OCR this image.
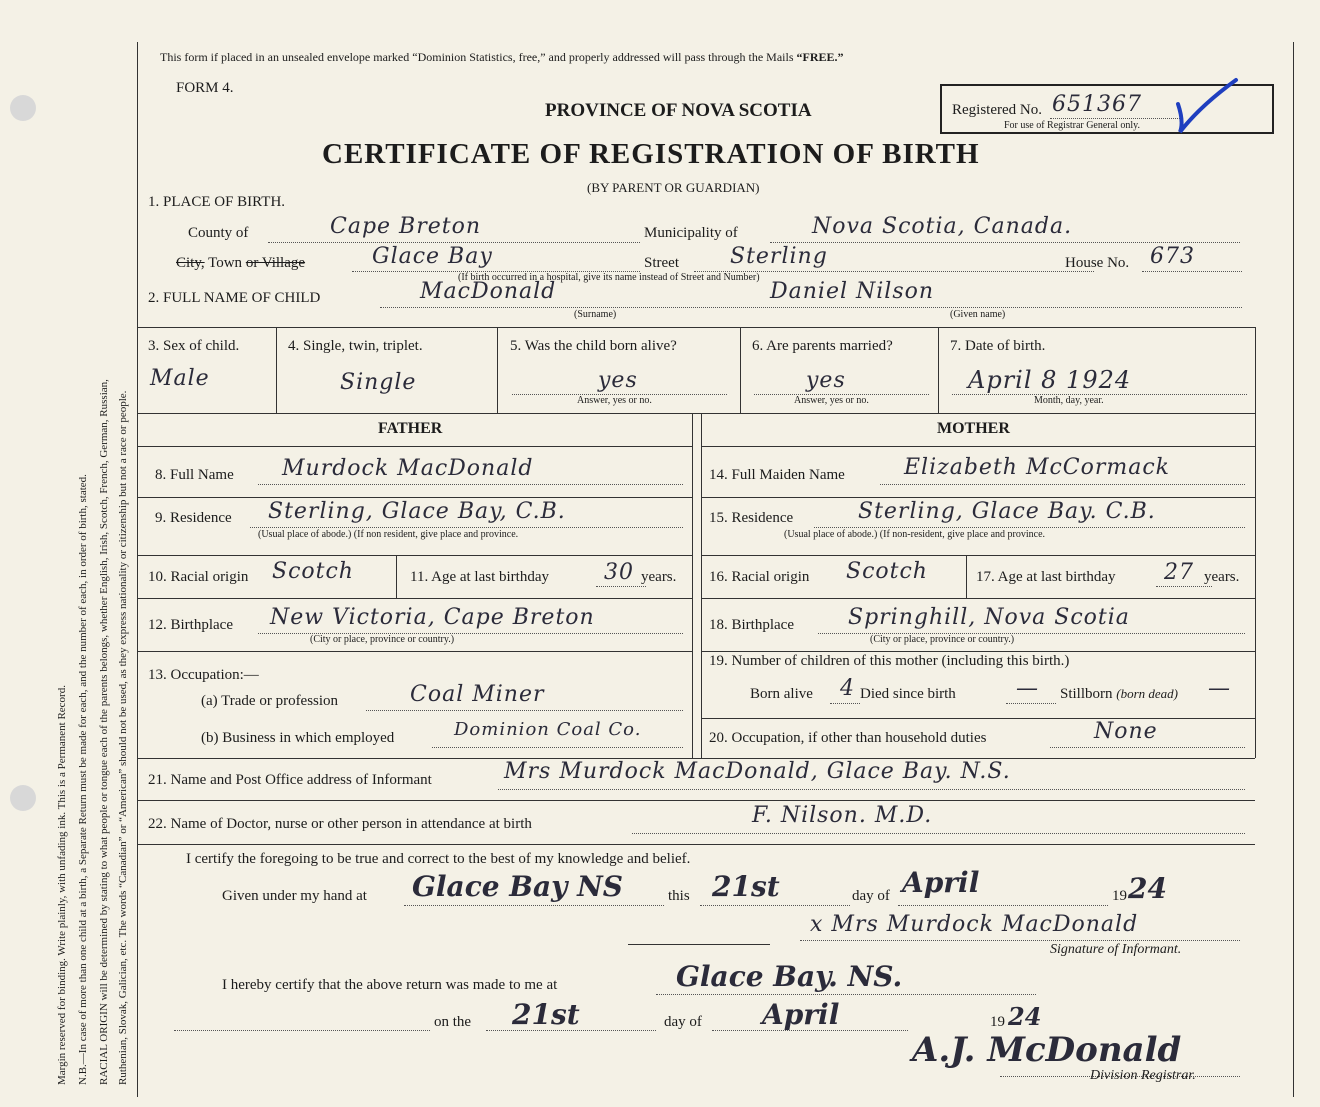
Margin reserved for binding. Write plainly, with unfading ink. This is a Permanent Record. N.B.—In case of more than one child at a birth, a Separate Return must be made for each, and the number of each, in order of birth, stated. RACIAL ORIGIN will be determined by stating to what people or tongue each of the parents belongs, whether English, Irish, Scotch, French, German, Russian, Ruthenian, Slovak, Galician, etc. The words “Canadian” or “American” should not be used, as they express nationality or citizenship but not a race or people.
This form if placed in an unsealed envelope marked “Dominion Statistics, free,” and properly addressed will pass through the Mails “FREE.”
FORM 4.
PROVINCE OF NOVA SCOTIA	Registered No. 651367
For use of Registrar General only.
CERTIFICATE OF REGISTRATION OF BIRTH
(BY PARENT OR GUARDIAN)
1. PLACE OF BIRTH.
County of	Cape Breton	Municipality of	Nova Scotia, Canada.
City, Town or Village	Glace Bay	Street Sterling	House No. 673
(If birth occurred in a hospital, give its name instead of Street and Number)
2. FULL NAME OF CHILD	MacDonald	Daniel Nilson
(Surname)	(Given name)
3. Sex of child.
Male
4. Single, twin, triplet.
Single
5. Was the child born alive?
yes
Answer, yes or no.
6. Are parents married?
yes
Answer, yes or no.
7. Date of birth.
April 8 1924
Month, day, year.
FATHER	MOTHER
8. Full Name Murdock MacDonald
9. Residence Sterling, Glace Bay, C.B.
(Usual place of abode.) (If non resident, give place and province.
10. Racial origin Scotch	11. Age at last birthday	30 years.
12. Birthplace New Victoria, Cape Breton
(City or place, province or country.)
13. Occupation:—
(a) Trade or profession	Coal Miner
(b) Business in which employed	Dominion Coal Co.
14. Full Maiden Name	Elizabeth McCormack
15. Residence	Sterling, Glace Bay. C.B.
(Usual place of abode.) (If non-resident, give place and province.
16. Racial origin Scotch	17. Age at last birthday 27 years.
18. Birthplace Springhill, Nova Scotia
(City or place, province or country.)
19. Number of children of this mother (including this birth.)
Born alive 4 Died since birth	— Stillborn (born dead) —
20. Occupation, if other than household duties	None
21. Name and Post Office address of Informant	Mrs Murdock MacDonald, Glace Bay. N.S.
22. Name of Doctor, nurse or other person in attendance at birth	F. Nilson. M.D.
I certify the foregoing to be true and correct to the best of my knowledge and belief.
Given under my hand at Glace Bay NS	this 21st	day of April	19 24
x Mrs Murdock MacDonald
Signature of Informant.
I hereby certify that the above return was made to me at	Glace Bay. NS.
on the 21st	day of April	19 24
A.J. McDonald
Division Registrar.
